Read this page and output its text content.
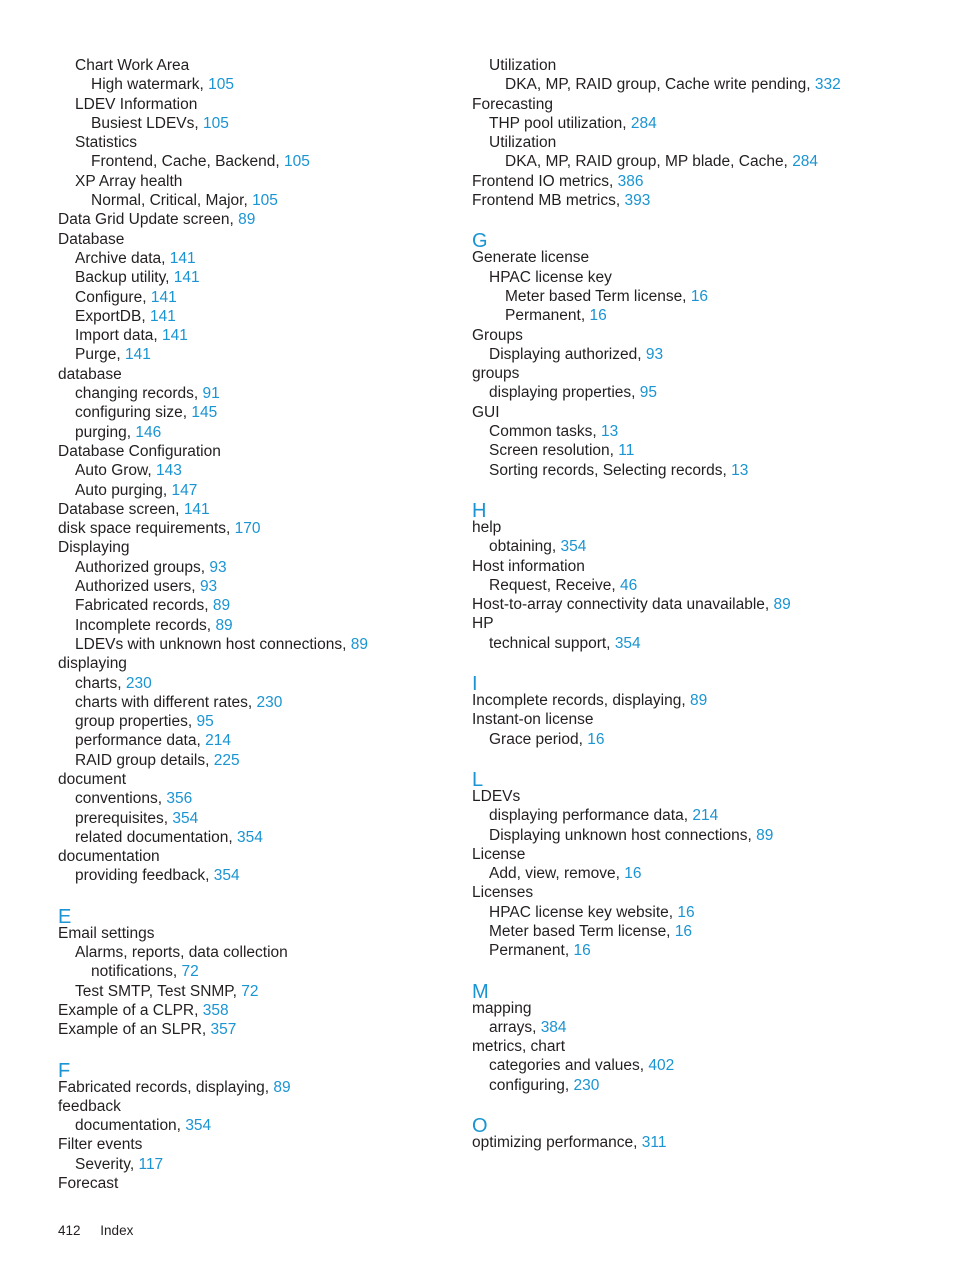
Chart Work Area
High watermark, 105
LDEV Information
Busiest LDEVs, 105
Statistics
Frontend, Cache, Backend, 105
XP Array health
Normal, Critical, Major, 105
Data Grid Update screen, 89
Database
Archive data, 141
Backup utility, 141
Configure, 141
ExportDB, 141
Import data, 141
Purge, 141
database
changing records, 91
configuring size, 145
purging, 146
Database Configuration
Auto Grow, 143
Auto purging, 147
Database screen, 141
disk space requirements, 170
Displaying
Authorized groups, 93
Authorized users, 93
Fabricated records, 89
Incomplete records, 89
LDEVs with unknown host connections, 89
displaying
charts, 230
charts with different rates, 230
group properties, 95
performance data, 214
RAID group details, 225
document
conventions, 356
prerequisites, 354
related documentation, 354
documentation
providing feedback, 354
E
Email settings
Alarms, reports, data collection
notifications, 72
Test SMTP, Test SNMP, 72
Example of a CLPR, 358
Example of an SLPR, 357
F
Fabricated records, displaying, 89
feedback
documentation, 354
Filter events
Severity, 117
Forecast
Utilization
DKA, MP, RAID group, Cache write pending, 332
Forecasting
THP pool utilization, 284
Utilization
DKA, MP, RAID group, MP blade, Cache, 284
Frontend IO metrics, 386
Frontend MB metrics, 393
G
Generate license
HPAC license key
Meter based Term license, 16
Permanent, 16
Groups
Displaying authorized, 93
groups
displaying properties, 95
GUI
Common tasks, 13
Screen resolution, 11
Sorting records, Selecting records, 13
H
help
obtaining, 354
Host information
Request, Receive, 46
Host-to-array connectivity data unavailable, 89
HP
technical support, 354
I
Incomplete records, displaying, 89
Instant-on license
Grace period, 16
L
LDEVs
displaying performance data, 214
Displaying unknown host connections, 89
License
Add, view, remove, 16
Licenses
HPAC license key website, 16
Meter based Term license, 16
Permanent, 16
M
mapping
arrays, 384
metrics, chart
categories and values, 402
configuring, 230
O
optimizing performance, 311
412 Index
